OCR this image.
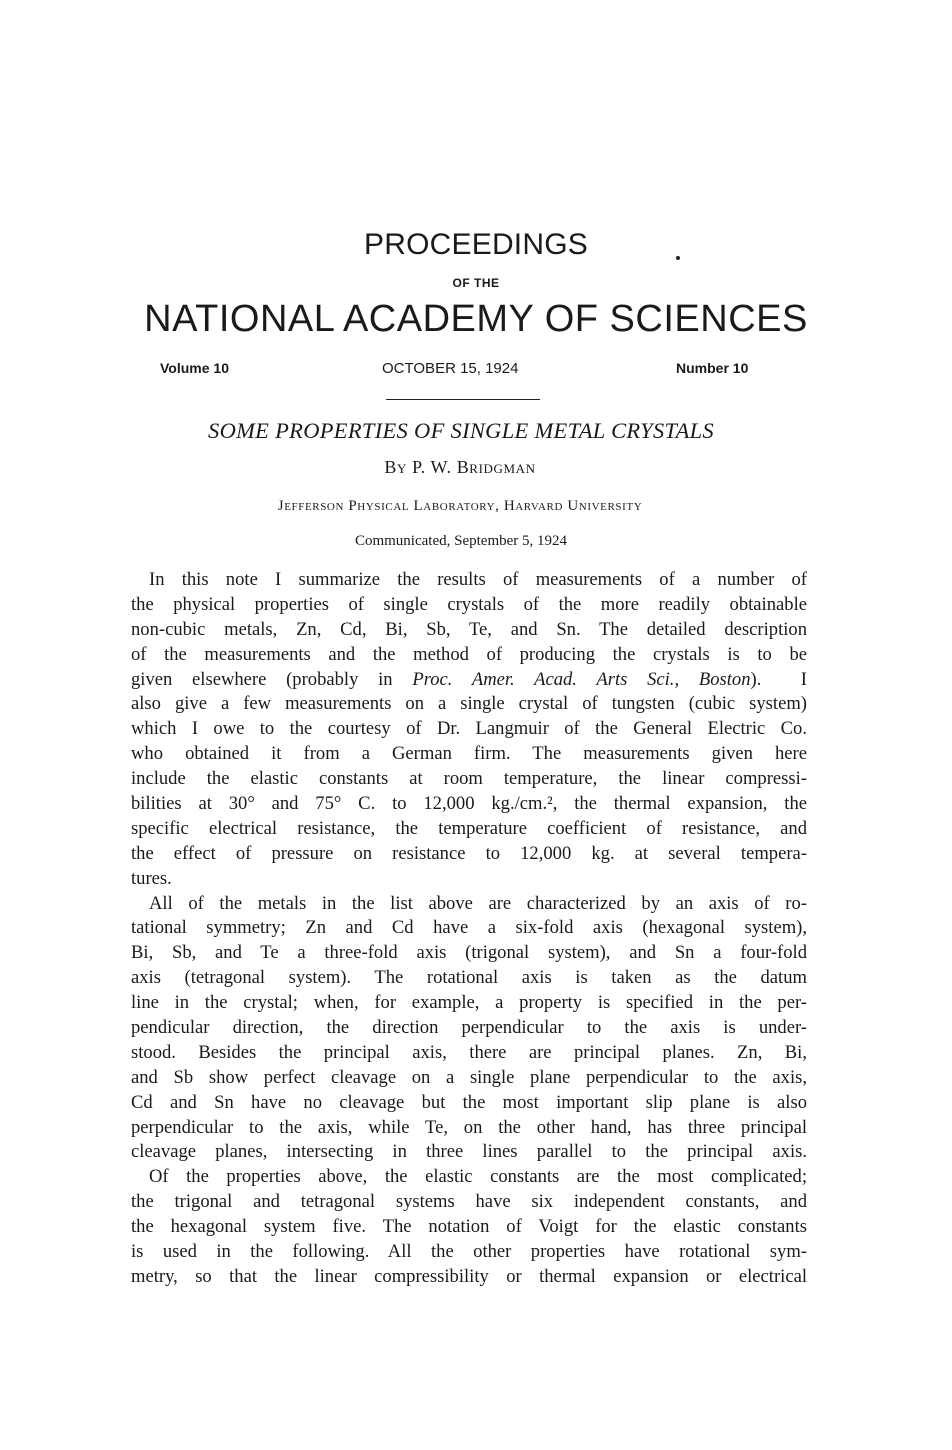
PROCEEDINGS
OF THE
NATIONAL ACADEMY OF SCIENCES
Volume 10	OCTOBER 15, 1924	Number 10
SOME PROPERTIES OF SINGLE METAL CRYSTALS
By P. W. Bridgman
Jefferson Physical Laboratory, Harvard University
Communicated, September 5, 1924
In this note I summarize the results of measurements of a number of
the physical properties of single crystals of the more readily obtainable
non-cubic metals, Zn, Cd, Bi, Sb, Te, and Sn. The detailed description
of the measurements and the method of producing the crystals is to be
given elsewhere (probably in Proc. Amer. Acad. Arts Sci., Boston).  I
also give a few measurements on a single crystal of tungsten (cubic system)
which I owe to the courtesy of Dr. Langmuir of the General Electric Co.
who obtained it from a German firm. The measurements given here
include the elastic constants at room temperature, the linear compressi-
bilities at 30° and 75° C. to 12,000 kg./cm.², the thermal expansion, the
specific electrical resistance, the temperature coefficient of resistance, and
the effect of pressure on resistance to 12,000 kg. at several tempera-
tures.
All of the metals in the list above are characterized by an axis of ro-
tational symmetry; Zn and Cd have a six-fold axis (hexagonal system),
Bi, Sb, and Te a three-fold axis (trigonal system), and Sn a four-fold
axis (tetragonal system). The rotational axis is taken as the datum
line in the crystal; when, for example, a property is specified in the per-
pendicular direction, the direction perpendicular to the axis is under-
stood. Besides the principal axis, there are principal planes. Zn, Bi,
and Sb show perfect cleavage on a single plane perpendicular to the axis,
Cd and Sn have no cleavage but the most important slip plane is also
perpendicular to the axis, while Te, on the other hand, has three principal
cleavage planes, intersecting in three lines parallel to the principal axis.
Of the properties above, the elastic constants are the most complicated;
the trigonal and tetragonal systems have six independent constants, and
the hexagonal system five. The notation of Voigt for the elastic constants
is used in the following. All the other properties have rotational sym-
metry, so that the linear compressibility or thermal expansion or electrical
